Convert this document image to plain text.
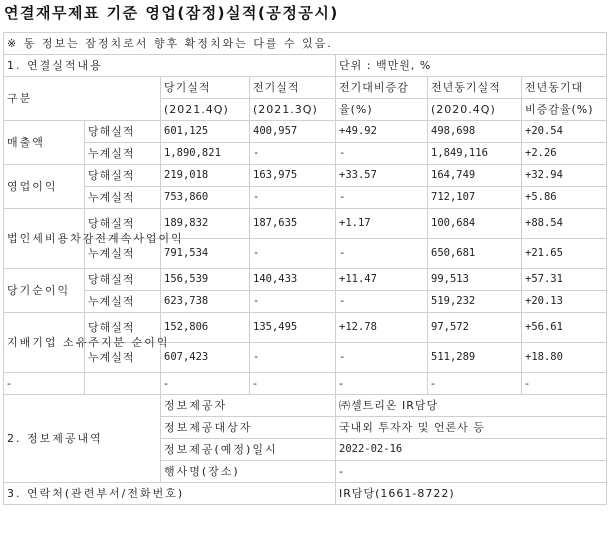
연결재무제표 기준 영업(잠정)실적(공정공시)
※ 동 정보는 잠정치로서 향후 확정치와는 다를 수 있음.						
1. 연결실적내용				단위 : 백만원, %		
구분		당기실적	전기실적	전기대비증감	전년동기실적	전년동기대
		(2021.4Q)	(2021.3Q)	율(%)	(2020.4Q)	비증감율(%)
매출액	당해실적	601,125	400,957	+49.92	498,698	+20.54
	누계실적	1,890,821	-	-	1,849,116	+2.26
영업이익	당해실적	219,018	163,975	+33.57	164,749	+32.94
	누계실적	753,860	-	-	712,107	+5.86
법인세비용차감전계속사업이익	당해실적	189,832	187,635	+1.17	100,684	+88.54
	누계실적	791,534	-	-	650,681	+21.65
당기순이익	당해실적	156,539	140,433	+11.47	99,513	+57.31
	누계실적	623,738	-	-	519,232	+20.13
지배기업 소유주지분 순이익	당해실적	152,806	135,495	+12.78	97,572	+56.61
	누계실적	607,423	-	-	511,289	+18.80
-		-	-	-	-	-
2. 정보제공내역		정보제공자		㈜셀트리온 IR담당		
		정보제공대상자		국내외 투자자 및 언론사 등		
		정보제공(예정)일시		2022-02-16		
		행사명(장소)		-		
3. 연락처(관련부서/전화번호)				IR담당(1661-8722)		
